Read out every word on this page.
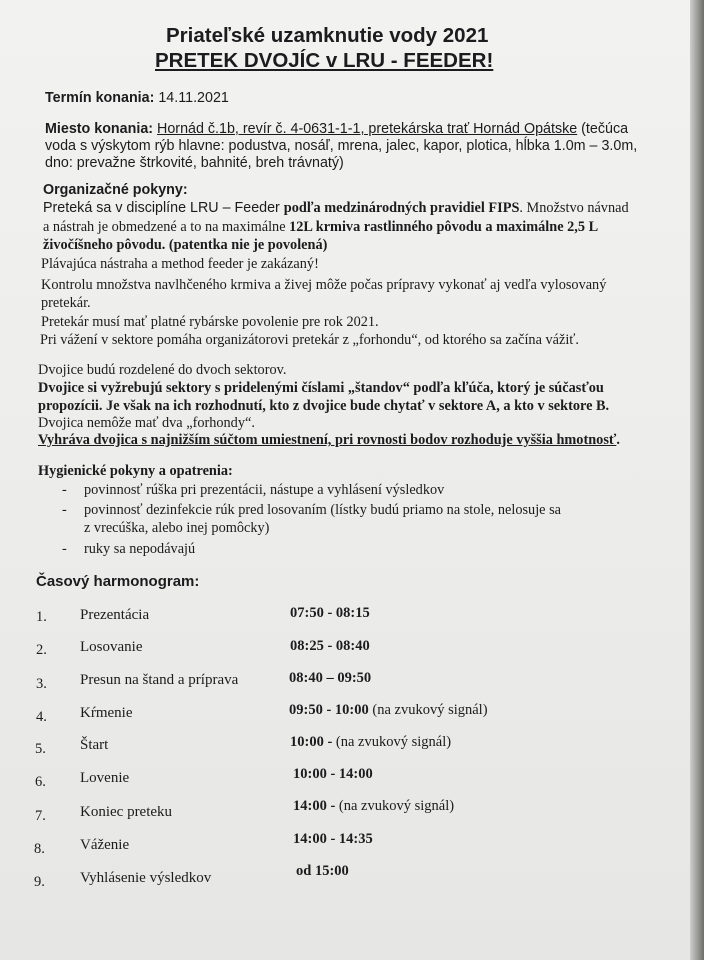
Priateľské uzamknutie vody 2021
PRETEK DVOJÍC v LRU - FEEDER!
Termín konania: 14.11.2021
Miesto konania: Hornád č.1b, revír č. 4-0631-1-1, pretekárska trať Hornád Opátske (tečúca
voda s výskytom rýb hlavne: podustva, nosáľ, mrena, jalec, kapor, plotica, hĺbka 1.0m – 3.0m,
dno: prevažne štrkovité, bahnité, breh trávnatý)
Organizačné pokyny:
Preteká sa v disciplíne LRU – Feeder podľa medzinárodných pravidiel FIPS. Množstvo návnad
a nástrah je obmedzené a to na maximálne 12L krmiva rastlinného pôvodu a maximálne 2,5 L
živočíšneho pôvodu. (patentka nie je povolená)
Plávajúca nástraha a method feeder je zakázaný!
Kontrolu množstva navlhčeného krmiva a živej môže počas prípravy vykonať aj vedľa vylosovaný
pretekár.
Pretekár musí mať platné rybárske povolenie pre rok 2021.
Pri vážení v sektore pomáha organizátorovi pretekár z „forhondu“, od ktorého sa začína vážiť.
Dvojice budú rozdelené do dvoch sektorov.
Dvojice si vyžrebujú sektory s pridelenými číslami „štandov“ podľa kľúča, ktorý je súčasťou
propozícii. Je však na ich rozhodnutí, kto z dvojice bude chytať v sektore A, a kto v sektore B.
Dvojica nemôže mať dva „forhondy“.
Vyhráva dvojica s najnižším súčtom umiestnení, pri rovnosti bodov rozhoduje vyššia hmotnosť.
Hygienické pokyny a opatrenia:
- povinnosť rúška pri prezentácii, nástupe a vyhlásení výsledkov
- povinnosť dezinfekcie rúk pred losovaním (lístky budú priamo na stole, nelosuje sa
z vrecúška, alebo inej pomôcky)
- ruky sa nepodávajú
Časový harmonogram:
1. Prezentácia	07:50 - 08:15
2. Losovanie	08:25 - 08:40
3. Presun na štand a príprava	08:40 – 09:50
4. Kŕmenie	09:50 - 10:00 (na zvukový signál)
5. Štart	10:00 - (na zvukový signál)
6. Lovenie	10:00 - 14:00
7. Koniec preteku	14:00 - (na zvukový signál)
8. Váženie	14:00 - 14:35
9. Vyhlásenie výsledkov	od 15:00
